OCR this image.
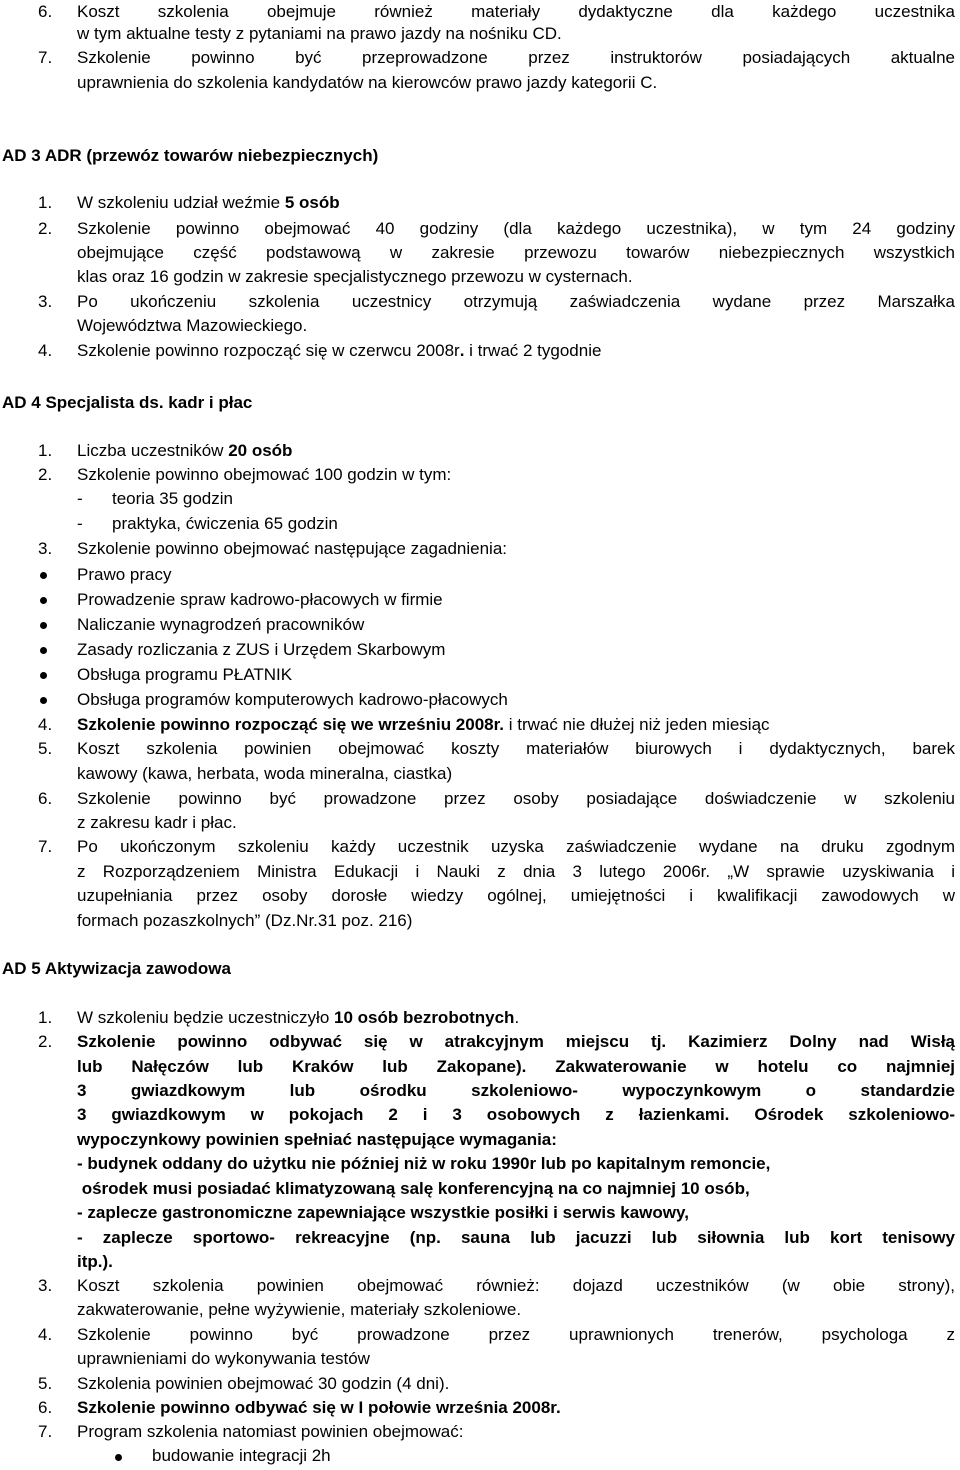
6. Koszt szkolenia obejmuje również materiały dydaktyczne dla każdego uczestnika
w tym aktualne testy z pytaniami na prawo jazdy na nośniku CD.
7. Szkolenie powinno być przeprowadzone przez instruktorów posiadających aktualne
uprawnienia do szkolenia kandydatów na kierowców prawo jazdy kategorii C.
AD 3 ADR (przewóz towarów niebezpiecznych)
1. W szkoleniu udział weźmie 5 osób
2. Szkolenie powinno obejmować 40 godziny (dla każdego uczestnika), w tym 24 godziny
obejmujące część podstawową w zakresie przewozu towarów niebezpiecznych wszystkich
klas oraz 16 godzin w zakresie specjalistycznego przewozu w cysternach.
3. Po ukończeniu szkolenia uczestnicy otrzymują zaświadczenia wydane przez Marszałka
Województwa Mazowieckiego.
4. Szkolenie powinno rozpocząć się w czerwcu 2008r. i trwać 2 tygodnie
AD 4 Specjalista ds. kadr i płac
1. Liczba uczestników 20 osób
2. Szkolenie powinno obejmować 100 godzin w tym:
- teoria 35 godzin
- praktyka, ćwiczenia 65 godzin
3. Szkolenie powinno obejmować następujące zagadnienia:
Prawo pracy
Prowadzenie spraw kadrowo-płacowych w firmie
Naliczanie wynagrodzeń pracowników
Zasady rozliczania z ZUS i Urzędem Skarbowym
Obsługa programu PŁATNIK
Obsługa programów komputerowych kadrowo-płacowych
4. Szkolenie powinno rozpocząć się we wrześniu 2008r. i trwać nie dłużej niż jeden miesiąc
5. Koszt szkolenia powinien obejmować koszty materiałów biurowych i dydaktycznych, barek
kawowy (kawa, herbata, woda mineralna, ciastka)
6. Szkolenie powinno być prowadzone przez osoby posiadające doświadczenie w szkoleniu
z zakresu kadr i płac.
7. Po ukończonym szkoleniu każdy uczestnik uzyska zaświadczenie wydane na druku zgodnym
z Rozporządzeniem Ministra Edukacji i Nauki z dnia 3 lutego 2006r. „W sprawie uzyskiwania i
uzupełniania przez osoby dorosłe wiedzy ogólnej, umiejętności i kwalifikacji zawodowych w
formach pozaszkolnych” (Dz.Nr.31 poz. 216)
AD 5 Aktywizacja zawodowa
1. W szkoleniu będzie uczestniczyło 10 osób bezrobotnych.
2. Szkolenie powinno odbywać się w atrakcyjnym miejscu tj. Kazimierz Dolny nad Wisłą
lub Nałęczów lub Kraków lub Zakopane). Zakwaterowanie w hotelu co najmniej
3 gwiazdkowym lub ośrodku szkoleniowo- wypoczynkowym o standardzie
3 gwiazdkowym w pokojach 2 i 3 osobowych z łazienkami. Ośrodek szkoleniowo-
wypoczynkowy powinien spełniać następujące wymagania:
- budynek oddany do użytku nie później niż w roku 1990r lub po kapitalnym remoncie,
ośrodek musi posiadać klimatyzowaną salę konferencyjną na co najmniej 10 osób,
- zaplecze gastronomiczne zapewniające wszystkie posiłki i serwis kawowy,
- zaplecze sportowo- rekreacyjne (np. sauna lub jacuzzi lub siłownia lub kort tenisowy
itp.).
3. Koszt szkolenia powinien obejmować również: dojazd uczestników (w obie strony),
zakwaterowanie, pełne wyżywienie, materiały szkoleniowe.
4. Szkolenie powinno być prowadzone przez uprawnionych trenerów, psychologa z
uprawnieniami do wykonywania testów
5. Szkolenia powinien obejmować 30 godzin (4 dni).
6. Szkolenie powinno odbywać się w I połowie września 2008r.
7. Program szkolenia natomiast powinien obejmować:
budowanie integracji 2h
